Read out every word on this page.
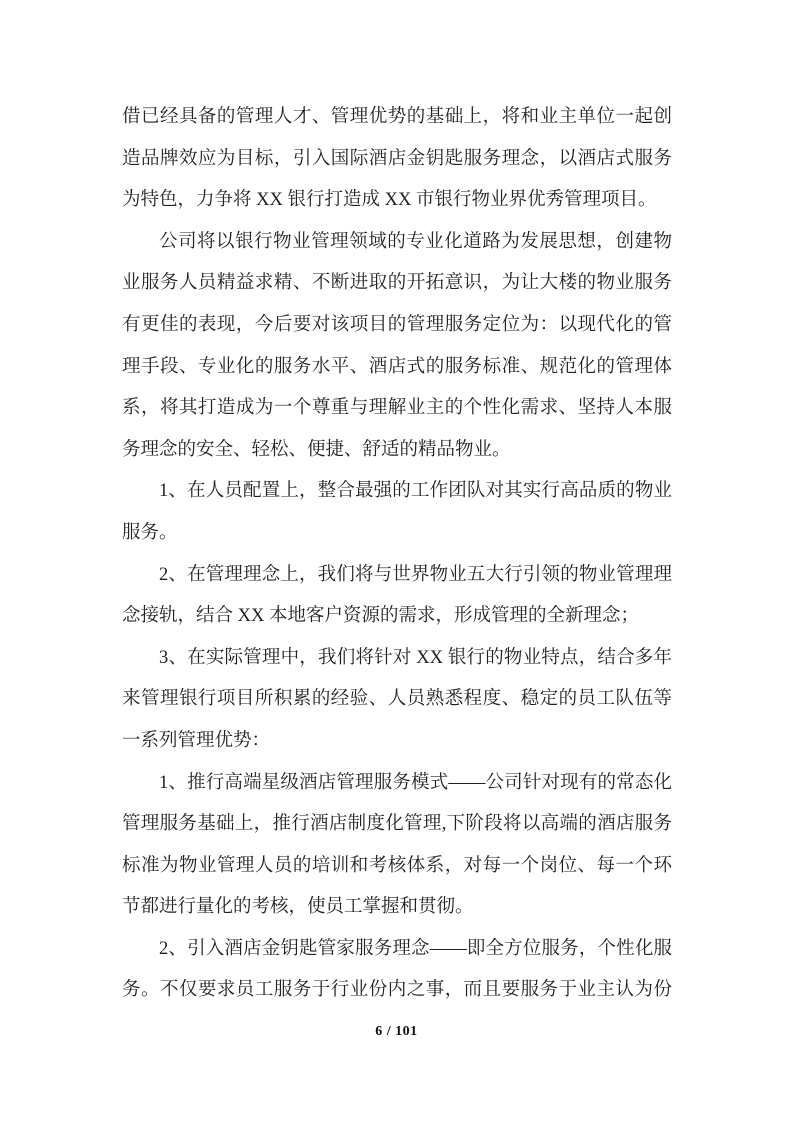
借已经具备的管理人才、管理优势的基础上，将和业主单位一起创
造品牌效应为目标，引入国际酒店金钥匙服务理念，以酒店式服务
为特色，力争将 XX 银行打造成 XX 市银行物业界优秀管理项目。
公司将以银行物业管理领域的专业化道路为发展思想，创建物
业服务人员精益求精、不断进取的开拓意识，为让大楼的物业服务
有更佳的表现，今后要对该项目的管理服务定位为：以现代化的管
理手段、专业化的服务水平、酒店式的服务标准、规范化的管理体
系，将其打造成为一个尊重与理解业主的个性化需求、坚持人本服
务理念的安全、轻松、便捷、舒适的精品物业。
1、在人员配置上，整合最强的工作团队对其实行高品质的物业
服务。
2、在管理理念上，我们将与世界物业五大行引领的物业管理理
念接轨，结合 XX 本地客户资源的需求，形成管理的全新理念；
3、在实际管理中，我们将针对 XX 银行的物业特点，结合多年
来管理银行项目所积累的经验、人员熟悉程度、稳定的员工队伍等
一系列管理优势：
1、推行高端星级酒店管理服务模式——公司针对现有的常态化
管理服务基础上，推行酒店制度化管理,下阶段将以高端的酒店服务
标准为物业管理人员的培训和考核体系，对每一个岗位、每一个环
节都进行量化的考核，使员工掌握和贯彻。
2、引入酒店金钥匙管家服务理念——即全方位服务，个性化服
务。不仅要求员工服务于行业份内之事，而且要服务于业主认为份
6 / 101
